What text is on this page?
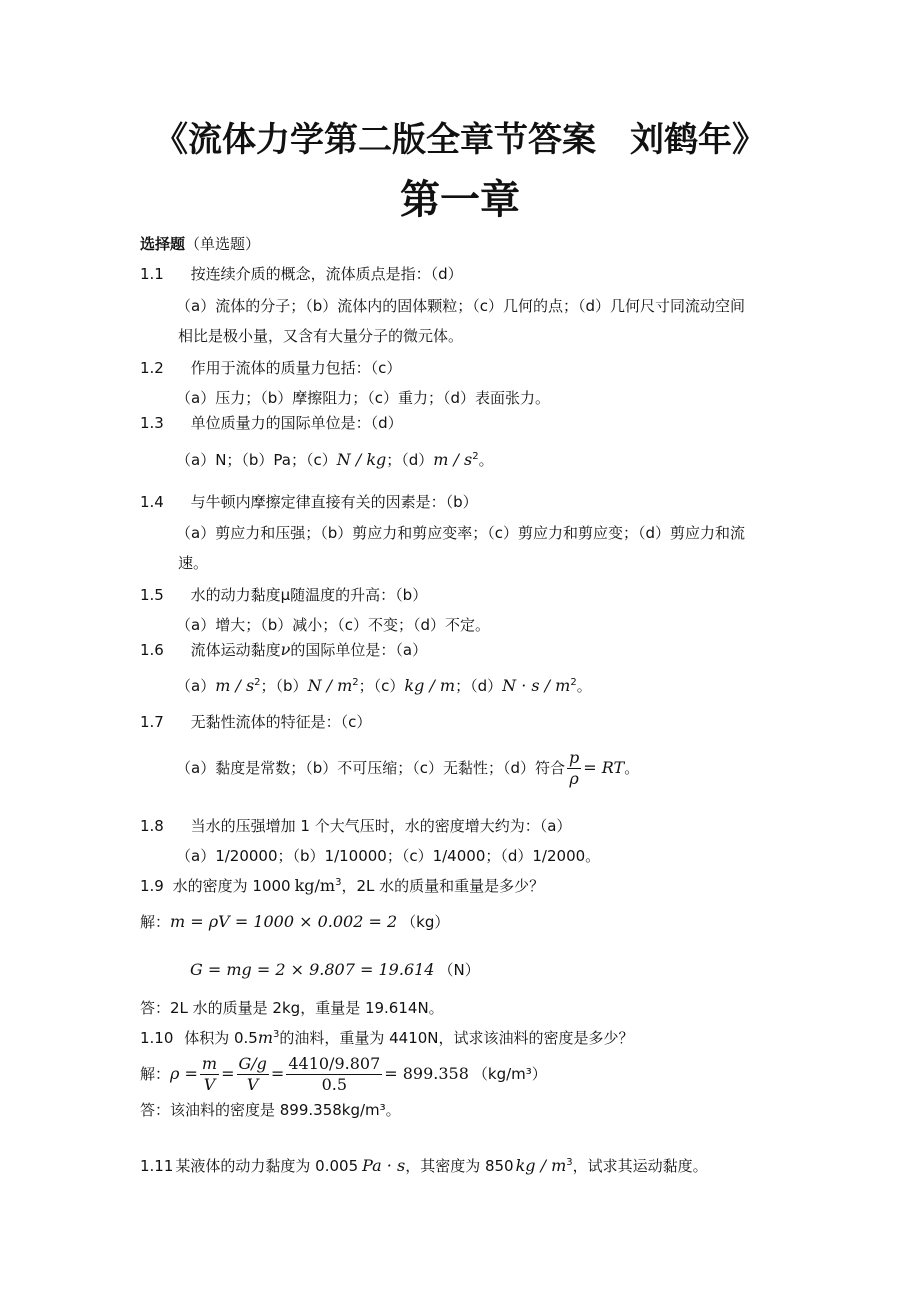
《流体力学第二版全章节答案　刘鹤年》
第一章
选择题（单选题）
1.1 按连续介质的概念，流体质点是指：（d）
（a）流体的分子；（b）流体内的固体颗粒；（c）几何的点；（d）几何尺寸同流动空间
相比是极小量，又含有大量分子的微元体。
1.2 作用于流体的质量力包括：（c）
（a）压力；（b）摩擦阻力；（c）重力；（d）表面张力。
1.3 单位质量力的国际单位是：（d）
（a）N；（b）Pa；（c）N / kg；$(d)m / s^2$。
1.4 与牛顿内摩擦定律直接有关的因素是：（b）
（a）剪应力和压强；（b）剪应力和剪应变率；（c）剪应力和剪应变；（d）剪应力和流
速。
1.5 水的动力黏度μ随温度的升高：（b）
（a）增大；（b）减小；（c）不变；（d）不定。
1.6 流体运动黏度ν的国际单位是：（a）
$(a)m / s^2$；$(b)N / m^2$；（c）kg / m；$(d)N \cdot s / m^2$。
1.7 无黏性流体的特征是：（c）
（a）黏度是常数；（b）不可压缩；（c）无黏性；（d）符合 $\frac{p}{\rho}$ = RT。
1.8 当水的压强增加 1 个大气压时，水的密度增大约为：（a）
（a）1/20000；（b）1/10000；（c）1/4000；（d）1/2000。
1.9 水的密度为 1000 $kg/m^3$，2L 水的质量和重量是多少？
解：m = ρV = 1000 × 0.002 = 2 （kg）
G = mg = 2 × 9.807 = 19.614 （N）
答：2L 水的质量是 2kg，重量是 19.614N。
1.10 体积为 $0.5m^3$的油料，重量为 4410N，试求该油料的密度是多少？
解：$\rho = \frac{m}{V} = \frac{G/g}{V} = \frac{4410/9.807}{0.5} = 899.358$ （kg/m³）
答：该油料的密度是 899.358kg/m³。
1.11 某液体的动力黏度为 0.005 Pa · s，其密度为 850 kg / $m^3$，试求其运动黏度。
